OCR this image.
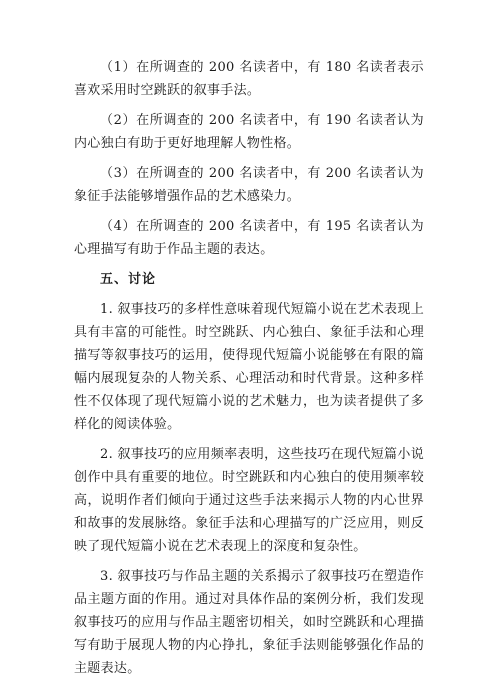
（1）在所调查的 200 名读者中，有 180 名读者表示喜欢采用时空跳跃的叙事手法。

（2）在所调查的 200 名读者中，有 190 名读者认为内心独白有助于更好地理解人物性格。

（3）在所调查的 200 名读者中，有 200 名读者认为象征手法能够增强作品的艺术感染力。

（4）在所调查的 200 名读者中，有 195 名读者认为心理描写有助于作品主题的表达。

五、讨论

1. 叙事技巧的多样性意味着现代短篇小说在艺术表现上具有丰富的可能性。时空跳跃、内心独白、象征手法和心理描写等叙事技巧的运用，使得现代短篇小说能够在有限的篇幅内展现复杂的人物关系、心理活动和时代背景。这种多样性不仅体现了现代短篇小说的艺术魅力，也为读者提供了多样化的阅读体验。

2. 叙事技巧的应用频率表明，这些技巧在现代短篇小说创作中具有重要的地位。时空跳跃和内心独白的使用频率较高，说明作者们倾向于通过这些手法来揭示人物的内心世界和故事的发展脉络。象征手法和心理描写的广泛应用，则反映了现代短篇小说在艺术表现上的深度和复杂性。

3. 叙事技巧与作品主题的关系揭示了叙事技巧在塑造作品主题方面的作用。通过对具体作品的案例分析，我们发现叙事技巧的应用与作品主题密切相关，如时空跳跃和心理描写有助于展现人物的内心挣扎，象征手法则能够强化作品的主题表达。
